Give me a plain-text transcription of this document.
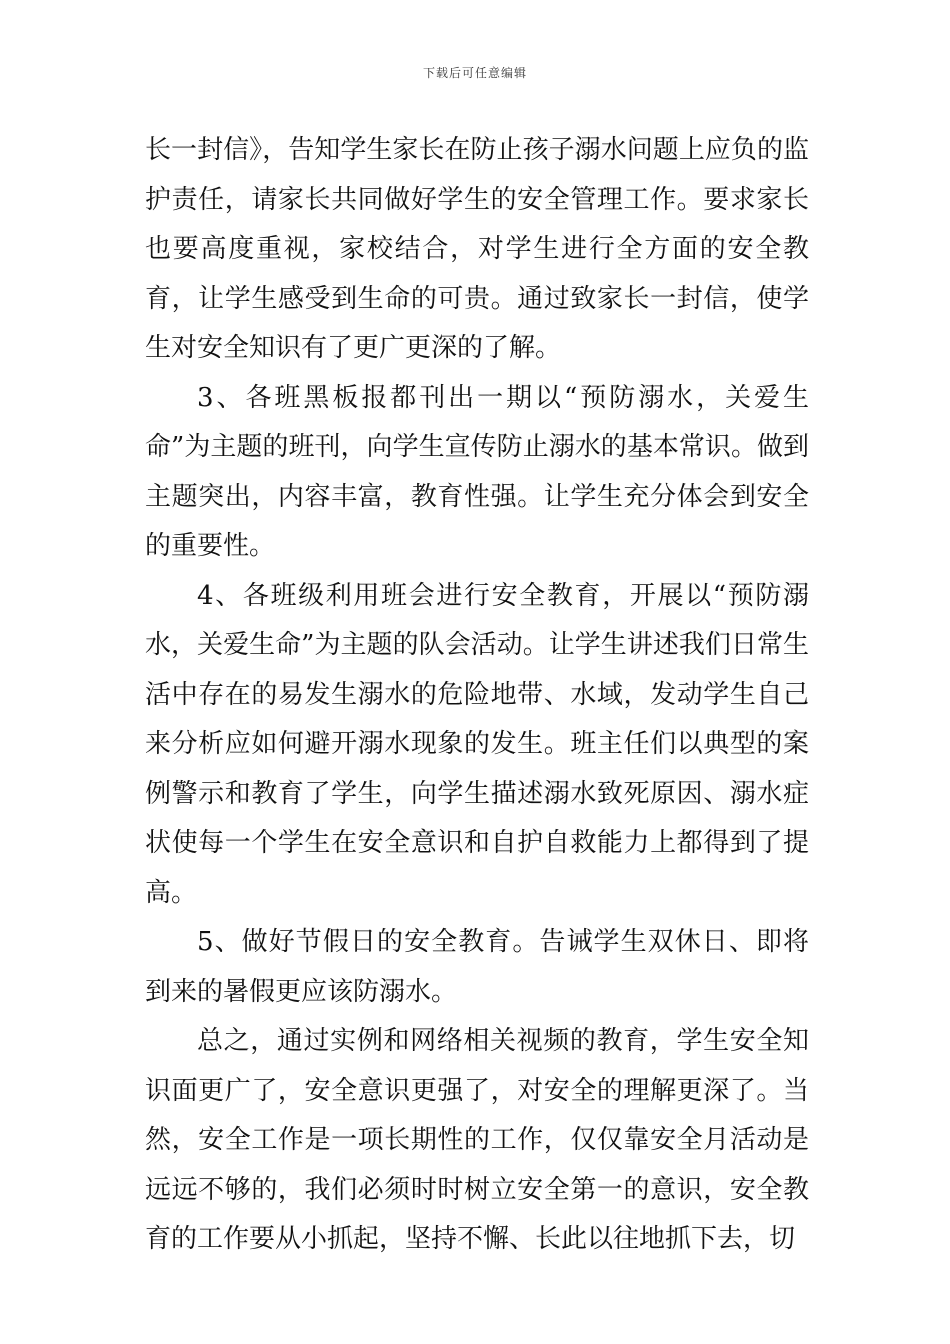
下载后可任意编辑

长一封信》，告知学生家长在防止孩子溺水问题上应负的监护责任，请家长共同做好学生的安全管理工作。要求家长也要高度重视，家校结合，对学生进行全方面的安全教育，让学生感受到生命的可贵。通过致家长一封信，使学生对安全知识有了更广更深的了解。

3、各班黑板报都刊出一期以“预防溺水，关爱生命”为主题的班刊，向学生宣传防止溺水的基本常识。做到主题突出，内容丰富，教育性强。让学生充分体会到安全的重要性。

4、各班级利用班会进行安全教育，开展以“预防溺水，关爱生命”为主题的队会活动。让学生讲述我们日常生活中存在的易发生溺水的危险地带、水域，发动学生自己来分析应如何避开溺水现象的发生。班主任们以典型的案例警示和教育了学生，向学生描述溺水致死原因、溺水症状使每一个学生在安全意识和自护自救能力上都得到了提高。

5、做好节假日的安全教育。告诫学生双休日、即将到来的暑假更应该防溺水。

总之，通过实例和网络相关视频的教育，学生安全知识面更广了，安全意识更强了，对安全的理解更深了。当然，安全工作是一项长期性的工作，仅仅靠安全月活动是远远不够的，我们必须时时树立安全第一的意识，安全教育的工作要从小抓起，坚持不懈、长此以往地抓下去，切
